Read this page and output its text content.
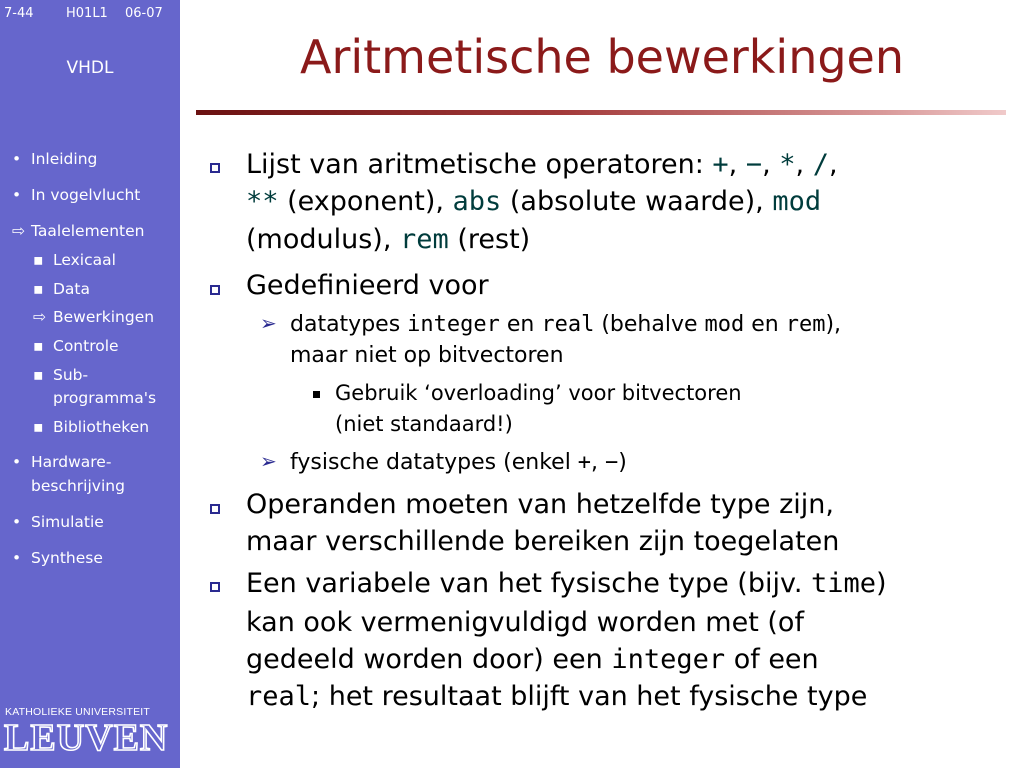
7-44 H01L1 06-07
VHDL
• Inleiding
• In vogelvlucht
⇨ Taalelementen
▪ Lexicaal
▪ Data
⇨ Bewerkingen
▪ Controle
▪ Sub-
programma's
▪ Bibliotheken
• Hardware-
beschrijving
• Simulatie
• Synthese
KATHOLIEKE UNIVERSITEIT
LEUVEN
Aritmetische bewerkingen
Lijst van aritmetische operatoren: +, −, *, /,
** (exponent), abs (absolute waarde), mod
(modulus), rem (rest)
Gedefinieerd voor
➢ datatypes integer en real (behalve mod en rem),
maar niet op bitvectoren
Gebruik ‘overloading’ voor bitvectoren
(niet standaard!)
➢ fysische datatypes (enkel +, −)
Operanden moeten van hetzelfde type zijn,
maar verschillende bereiken zijn toegelaten
Een variabele van het fysische type (bijv. time)
kan ook vermenigvuldigd worden met (of
gedeeld worden door) een integer of een
real; het resultaat blijft van het fysische type
